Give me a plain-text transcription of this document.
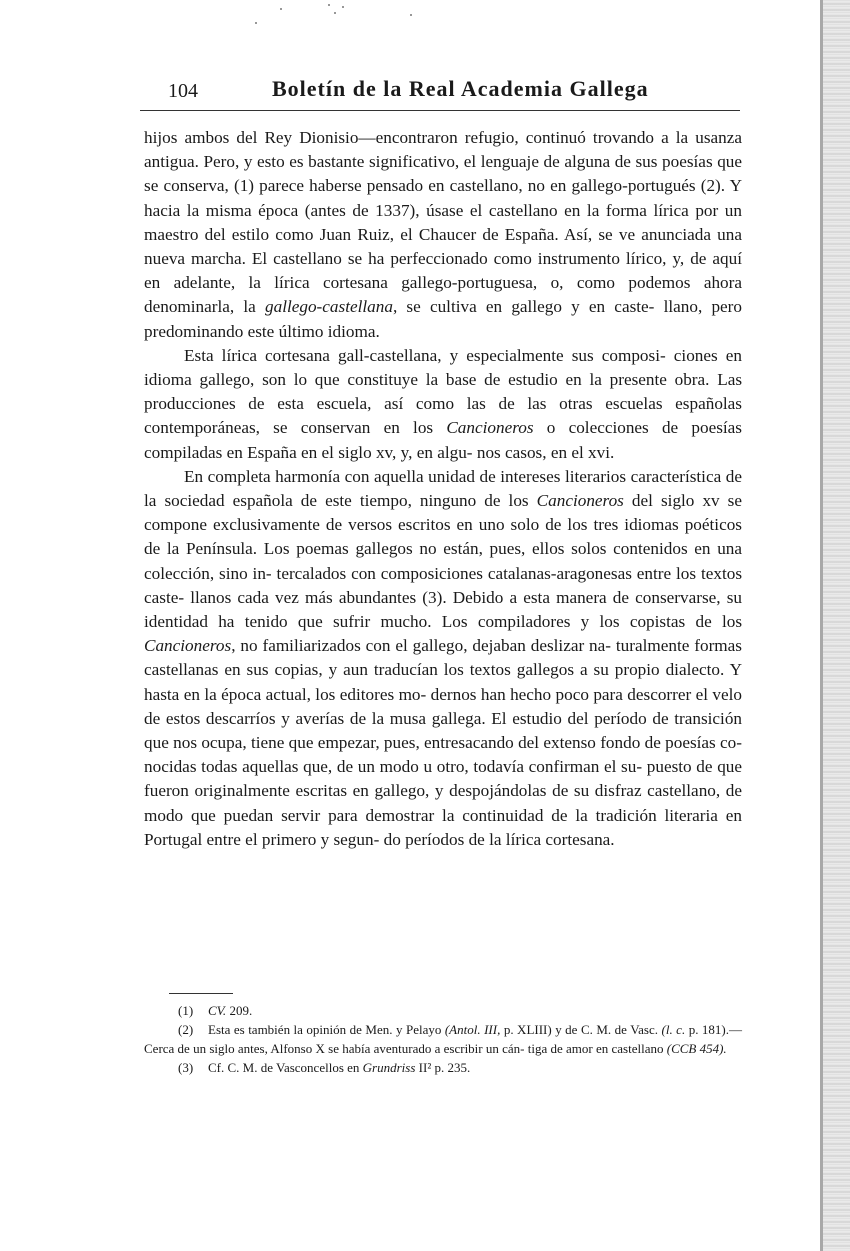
104	Boletín de la Real Academia Gallega

hijos ambos del Rey Dionisio—encontraron refugio, continuó trovando a la usanza antigua. Pero, y esto es bastante significativo, el lenguaje de alguna de sus poesías que se conserva, (1) parece haberse pensado en castellano, no en gallego-portugués (2). Y hacia la misma época (antes de 1337), úsase el castellano en la forma lírica por un maestro del estilo como Juan Ruiz, el Chaucer de España. Así, se ve anunciada una nueva marcha. El castellano se ha perfeccionado como instrumento lírico, y, de aquí en adelante, la lírica cortesana gallego-portuguesa, o, como podemos ahora denominarla, la gallego-castellana, se cultiva en gallego y en caste- llano, pero predominando este último idioma.

Esta lírica cortesana gall-castellana, y especialmente sus composi- ciones en idioma gallego, son lo que constituye la base de estudio en la presente obra. Las producciones de esta escuela, así como las de las otras escuelas españolas contemporáneas, se conservan en los Cancioneros o colecciones de poesías compiladas en España en el siglo xv, y, en algu- nos casos, en el xvi.

En completa harmonía con aquella unidad de intereses literarios característica de la sociedad española de este tiempo, ninguno de los Cancioneros del siglo xv se compone exclusivamente de versos escritos en uno solo de los tres idiomas poéticos de la Península. Los poemas gallegos no están, pues, ellos solos contenidos en una colección, sino in- tercalados con composiciones catalanas-aragonesas entre los textos caste- llanos cada vez más abundantes (3). Debido a esta manera de conservarse, su identidad ha tenido que sufrir mucho. Los compiladores y los copistas de los Cancioneros, no familiarizados con el gallego, dejaban deslizar na- turalmente formas castellanas en sus copias, y aun traducían los textos gallegos a su propio dialecto. Y hasta en la época actual, los editores mo- dernos han hecho poco para descorrer el velo de estos descarríos y averías de la musa gallega. El estudio del período de transición que nos ocupa, tiene que empezar, pues, entresacando del extenso fondo de poesías co- nocidas todas aquellas que, de un modo u otro, todavía confirman el su- puesto de que fueron originalmente escritas en gallego, y despojándolas de su disfraz castellano, de modo que puedan servir para demostrar la continuidad de la tradición literaria en Portugal entre el primero y segun- do períodos de la lírica cortesana.

(1) CV. 209.

(2) Esta es también la opinión de Men. y Pelayo (Antol. III, p. XLIII) y de C. M. de Vasc. (l. c. p. 181).—Cerca de un siglo antes, Alfonso X se había aventurado a escribir un cán- tiga de amor en castellano (CCB 454).

(3) Cf. C. M. de Vasconcellos en Grundriss II² p. 235.
